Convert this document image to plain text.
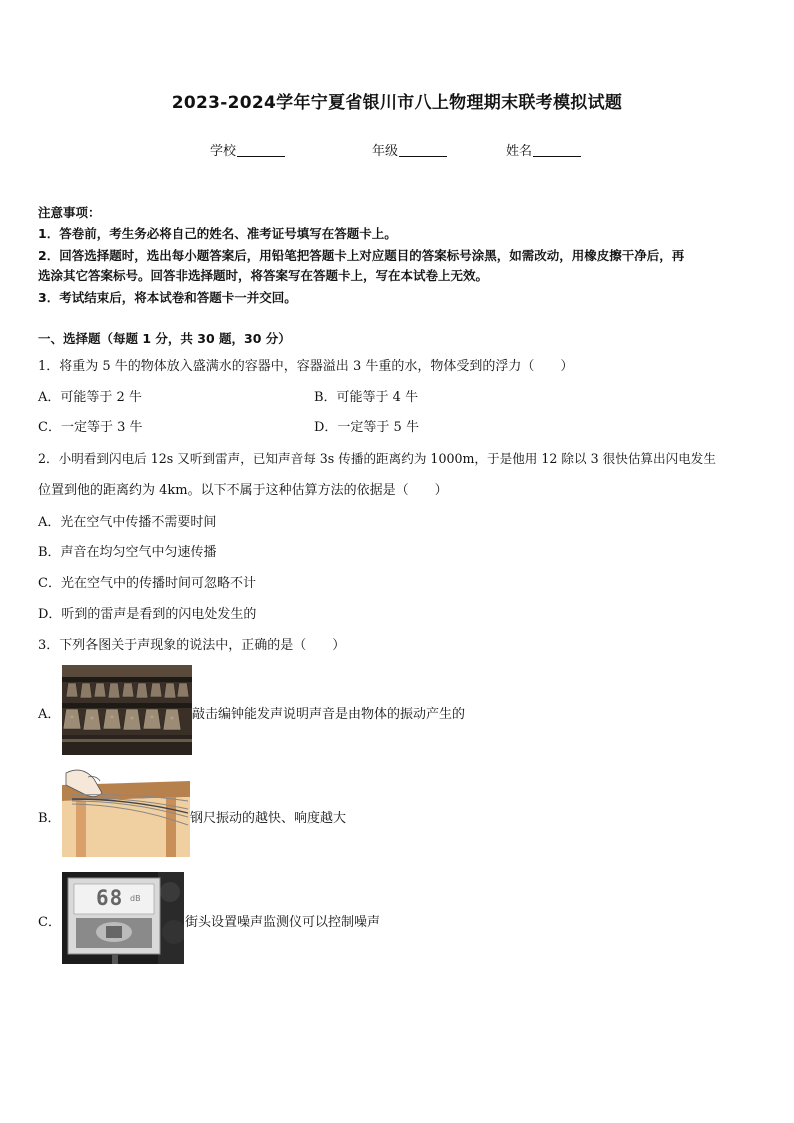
2023-2024学年宁夏省银川市八上物理期末联考模拟试题
学校	年级	姓名
注意事项：
1．答卷前，考生务必将自己的姓名、准考证号填写在答题卡上。
2．回答选择题时，选出每小题答案后，用铅笔把答题卡上对应题目的答案标号涂黑，如需改动，用橡皮擦干净后，再
选涂其它答案标号。回答非选择题时，将答案写在答题卡上，写在本试卷上无效。
3．考试结束后，将本试卷和答题卡一并交回。
一、选择题（每题 1 分，共 30 题，30 分）
1．将重为 5 牛的物体放入盛满水的容器中，容器溢出 3 牛重的水，物体受到的浮力（　　）
A．可能等于 2 牛	B．可能等于 4 牛
C．一定等于 3 牛	D．一定等于 5 牛
2．小明看到闪电后 12s 又听到雷声，已知声音每 3s 传播的距离约为 1000m，于是他用 12 除以 3 很快估算出闪电发生
位置到他的距离约为 4km。以下不属于这种估算方法的依据是（　　）
A．光在空气中传播不需要时间
B．声音在均匀空气中匀速传播
C．光在空气中的传播时间可忽略不计
D．听到的雷声是看到的闪电处发生的
3．下列各图关于声现象的说法中，正确的是（　　）
A．	敲击编钟能发声说明声音是由物体的振动产生的
B．	钢尺振动的越快、响度越大
C．
68 dB
街头设置噪声监测仪可以控制噪声
